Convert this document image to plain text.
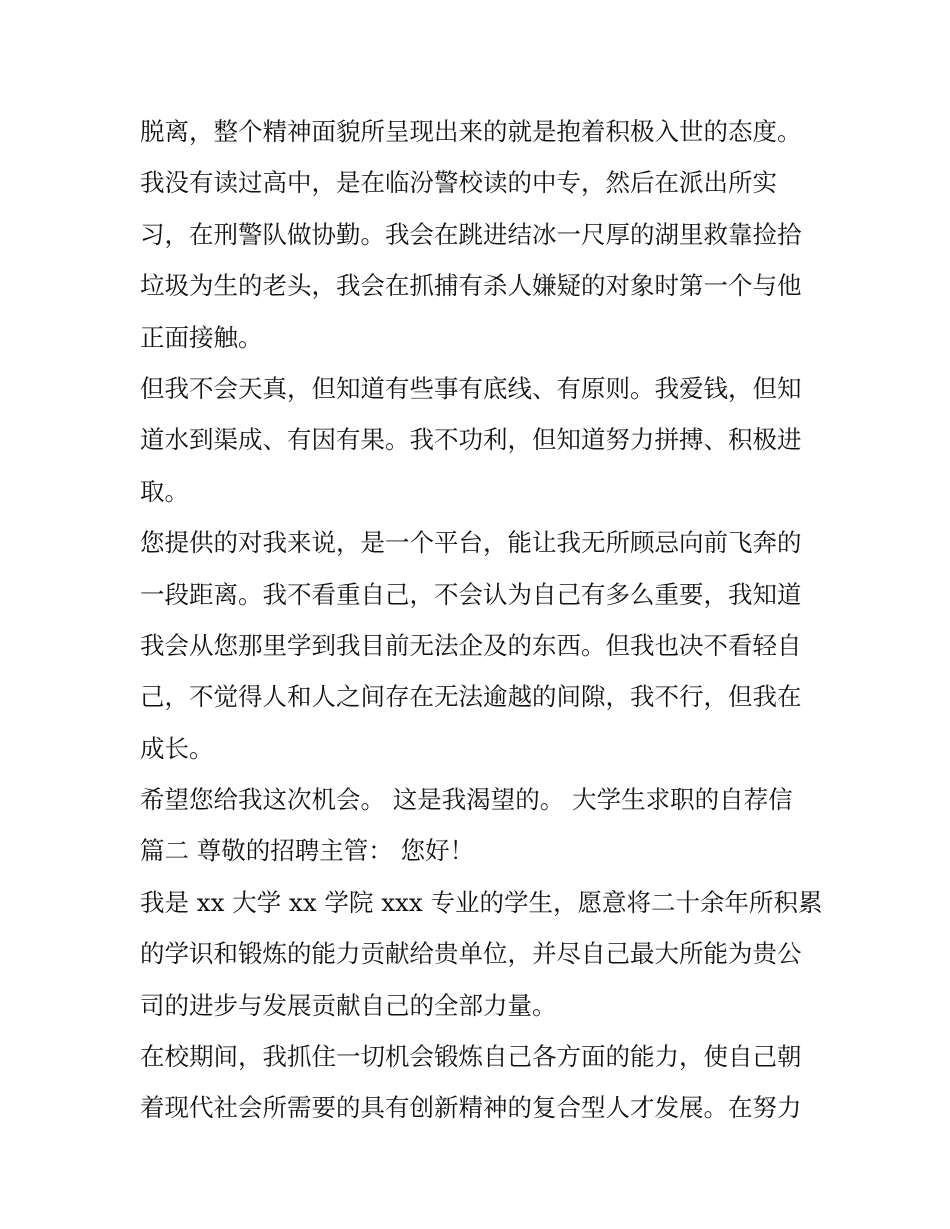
脱离，整个精神面貌所呈现出来的就是抱着积极入世的态度。
我没有读过高中，是在临汾警校读的中专，然后在派出所实
习，在刑警队做协勤。我会在跳进结冰一尺厚的湖里救靠捡拾
垃圾为生的老头，我会在抓捕有杀人嫌疑的对象时第一个与他
正面接触。
但我不会天真，但知道有些事有底线、有原则。我爱钱，但知
道水到渠成、有因有果。我不功利，但知道努力拼搏、积极进
取。
您提供的对我来说，是一个平台，能让我无所顾忌向前飞奔的
一段距离。我不看重自己，不会认为自己有多么重要，我知道
我会从您那里学到我目前无法企及的东西。但我也决不看轻自
己，不觉得人和人之间存在无法逾越的间隙，我不行，但我在
成长。
希望您给我这次机会。 这是我渴望的。 大学生求职的自荐信
篇二 尊敬的招聘主管： 您好！
我是 xx 大学 xx 学院 xxx 专业的学生，愿意将二十余年所积累
的学识和锻炼的能力贡献给贵单位，并尽自己最大所能为贵公
司的进步与发展贡献自己的全部力量。
在校期间，我抓住一切机会锻炼自己各方面的能力，使自己朝
着现代社会所需要的具有创新精神的复合型人才发展。在努力
